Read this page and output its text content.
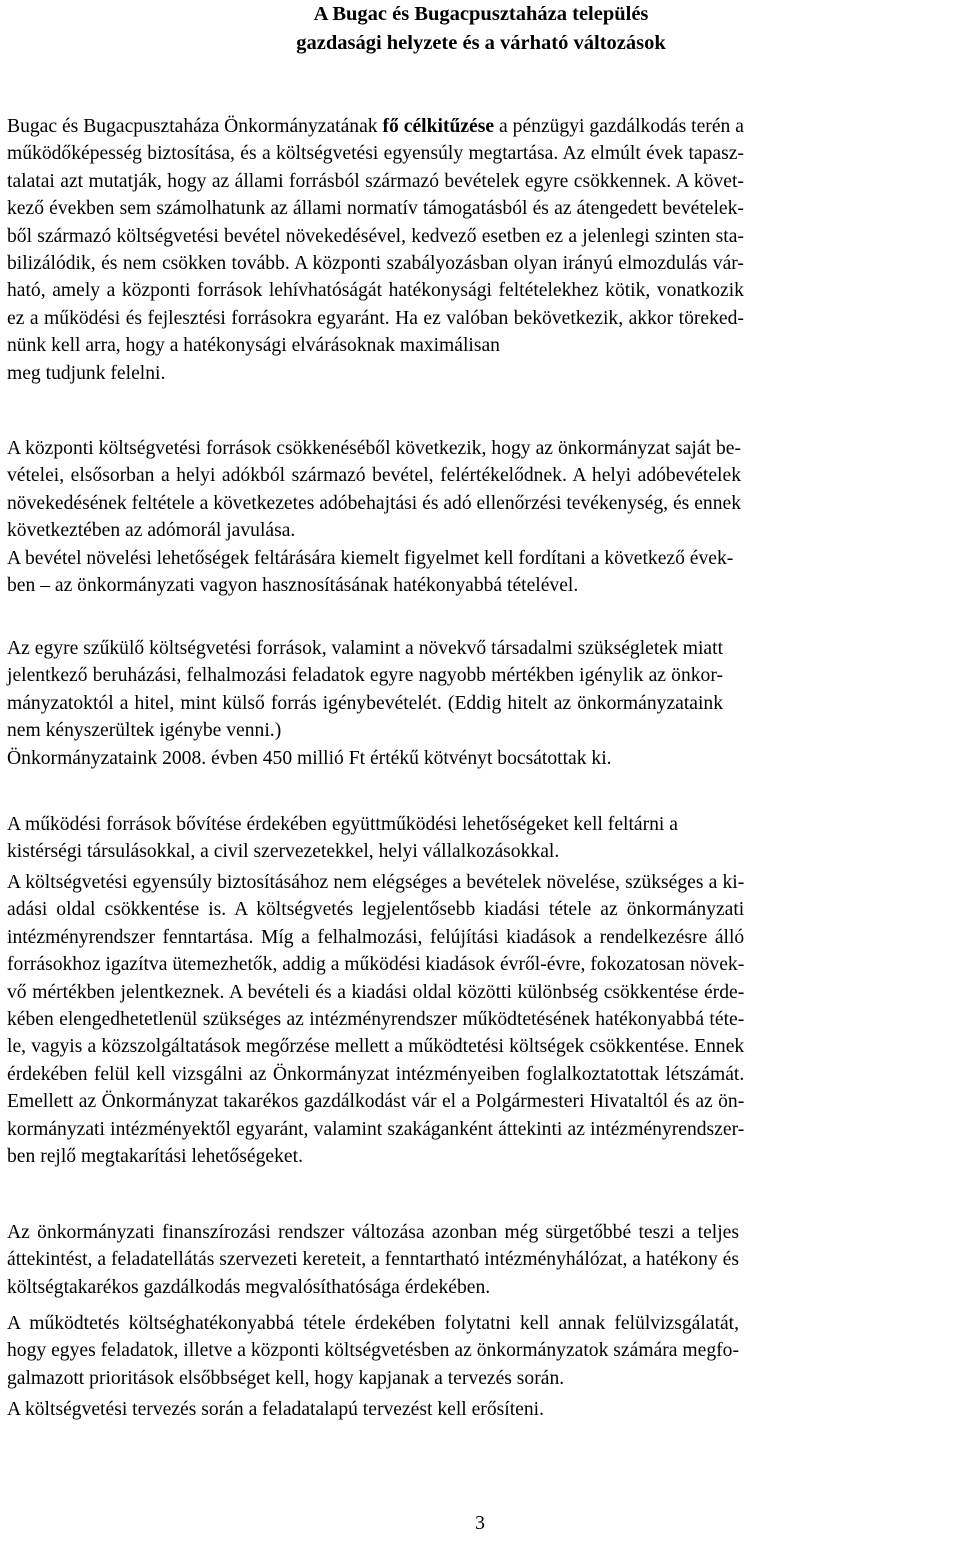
A Bugac és Bugacpusztaháza település
gazdasági helyzete és a várható változások
Bugac és Bugacpusztaháza Önkormányzatának fő célkitűzése a pénzügyi gazdálkodás terén a
működőképesség biztosítása, és a költségvetési egyensúly megtartása. Az elmúlt évek tapasz-
talatai azt mutatják, hogy az állami forrásból származó bevételek egyre csökkennek. A követ-
kező években sem számolhatunk az állami normatív támogatásból és az átengedett bevételek-
ből származó költségvetési bevétel növekedésével, kedvező esetben ez a jelenlegi szinten sta-
bilizálódik, és nem csökken tovább. A központi szabályozásban olyan irányú elmozdulás vár-
ható, amely a központi források lehívhatóságát hatékonysági feltételekhez kötik, vonatkozik
ez a működési és fejlesztési forrásokra egyaránt. Ha ez valóban bekövetkezik, akkor töreked-
nünk kell arra, hogy a hatékonysági elvárásoknak maximálisan
meg tudjunk felelni.
A központi költségvetési források csökkenéséből következik, hogy az önkormányzat saját be-
vételei, elsősorban a helyi adókból származó bevétel, felértékelődnek. A helyi adóbevételek
növekedésének feltétele a következetes adóbehajtási és adó ellenőrzési tevékenység, és ennek
következtében az adómorál javulása.
A bevétel növelési lehetőségek feltárására kiemelt figyelmet kell fordítani a következő évek-
ben – az önkormányzati vagyon hasznosításának hatékonyabbá tételével.
Az egyre szűkülő költségvetési források, valamint a növekvő társadalmi szükségletek miatt
jelentkező beruházási, felhalmozási feladatok egyre nagyobb mértékben igénylik az önkor-
mányzatoktól a hitel, mint külső forrás igénybevételét. (Eddig hitelt az önkormányzataink
nem kényszerültek igénybe venni.)
Önkormányzataink 2008. évben 450 millió Ft értékű kötvényt bocsátottak ki.
A működési források bővítése érdekében együttműködési lehetőségeket kell feltárni a
kistérségi társulásokkal, a civil szervezetekkel, helyi vállalkozásokkal.
A költségvetési egyensúly biztosításához nem elégséges a bevételek növelése, szükséges a ki-
adási oldal csökkentése is. A költségvetés legjelentősebb kiadási tétele az önkormányzati
intézményrendszer fenntartása. Míg a felhalmozási, felújítási kiadások a rendelkezésre álló
forrásokhoz igazítva ütemezhetők, addig a működési kiadások évről-évre, fokozatosan növek-
vő mértékben jelentkeznek. A bevételi és a kiadási oldal közötti különbség csökkentése érde-
kében elengedhetetlenül szükséges az intézményrendszer működtetésének hatékonyabbá téte-
le, vagyis a közszolgáltatások megőrzése mellett a működtetési költségek csökkentése. Ennek
érdekében felül kell vizsgálni az Önkormányzat intézményeiben foglalkoztatottak létszámát.
Emellett az Önkormányzat takarékos gazdálkodást vár el a Polgármesteri Hivataltól és az ön-
kormányzati intézményektől egyaránt, valamint szakáganként áttekinti az intézményrendszer-
ben rejlő megtakarítási lehetőségeket.
Az önkormányzati finanszírozási rendszer változása azonban még sürgetőbbé teszi a teljes
áttekintést, a feladatellátás szervezeti kereteit, a fenntartható intézményhálózat, a hatékony és
költségtakarékos gazdálkodás megvalósíthatósága érdekében.
A működtetés költséghatékonyabbá tétele érdekében folytatni kell annak felülvizsgálatát,
hogy egyes feladatok, illetve a központi költségvetésben az önkormányzatok számára megfo-
galmazott prioritások elsőbbséget kell, hogy kapjanak a tervezés során.
A költségvetési tervezés során a feladatalapú tervezést kell erősíteni.
3
